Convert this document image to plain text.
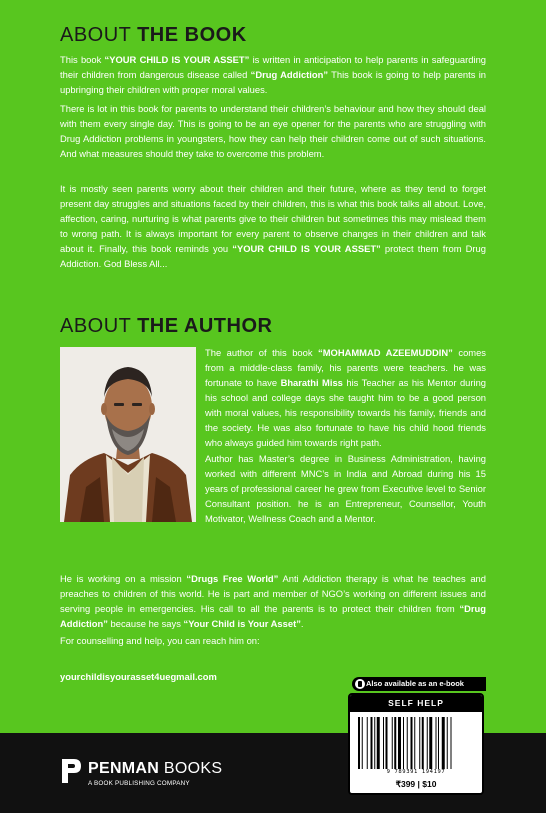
ABOUT THE BOOK
This book “YOUR CHILD IS YOUR ASSET” is written in anticipation to help parents in safeguarding their children from dangerous disease called “Drug Addiction” This book is going to help parents in upbringing their children with proper moral values.
There is lot in this book for parents to understand their children’s behaviour and how they should deal with them every single day. This is going to be an eye opener for the parents who are struggling with Drug Addiction problems in youngsters, how they can help their children come out of such situations. And what measures should they take to overcome this problem.
It is mostly seen parents worry about their children and their future, where as they tend to forget present day struggles and situations faced by their children, this is what this book talks all about. Love, affection, caring, nurturing is what parents give to their children but sometimes this may mislead them to wrong path. It is always important for every parent to observe changes in their children and talk about it. Finally, this book reminds you “YOUR CHILD IS YOUR ASSET” protect them from Drug Addiction. God Bless All...
ABOUT THE AUTHOR
The author of this book “MOHAMMAD AZEEMUDDIN” comes from a middle-class family, his parents were teachers. he was fortunate to have Bharathi Miss his Teacher as his Mentor during his school and college days she taught him to be a good person with moral values, his responsibility towards his family, friends and the society. He was also fortunate to have his child hood friends who always guided him towards right path.
Author has Master’s degree in Business Administration, having worked with different MNC’s in India and Abroad during his 15 years of professional career he grew from Executive level to Senior Consultant position. he is an Entrepreneur, Counsellor, Youth Motivator, Wellness Coach and a Mentor.
He is working on a mission “Drugs Free World” Anti Addiction therapy is what he teaches and preaches to children of this world. He is part and member of NGO’s working on different issues and serving people in emergencies. His call to all the parents is to protect their children from “Drug Addiction” because he says “Your Child is Your Asset”.
For counselling and help, you can reach him on:
yourchildisyourasset4uegmail.com
PENMAN BOOKS
A BOOK PUBLISHING COMPANY
Also available as an e-book
SELF HELP
9 789391 194197
₹399 | $10
